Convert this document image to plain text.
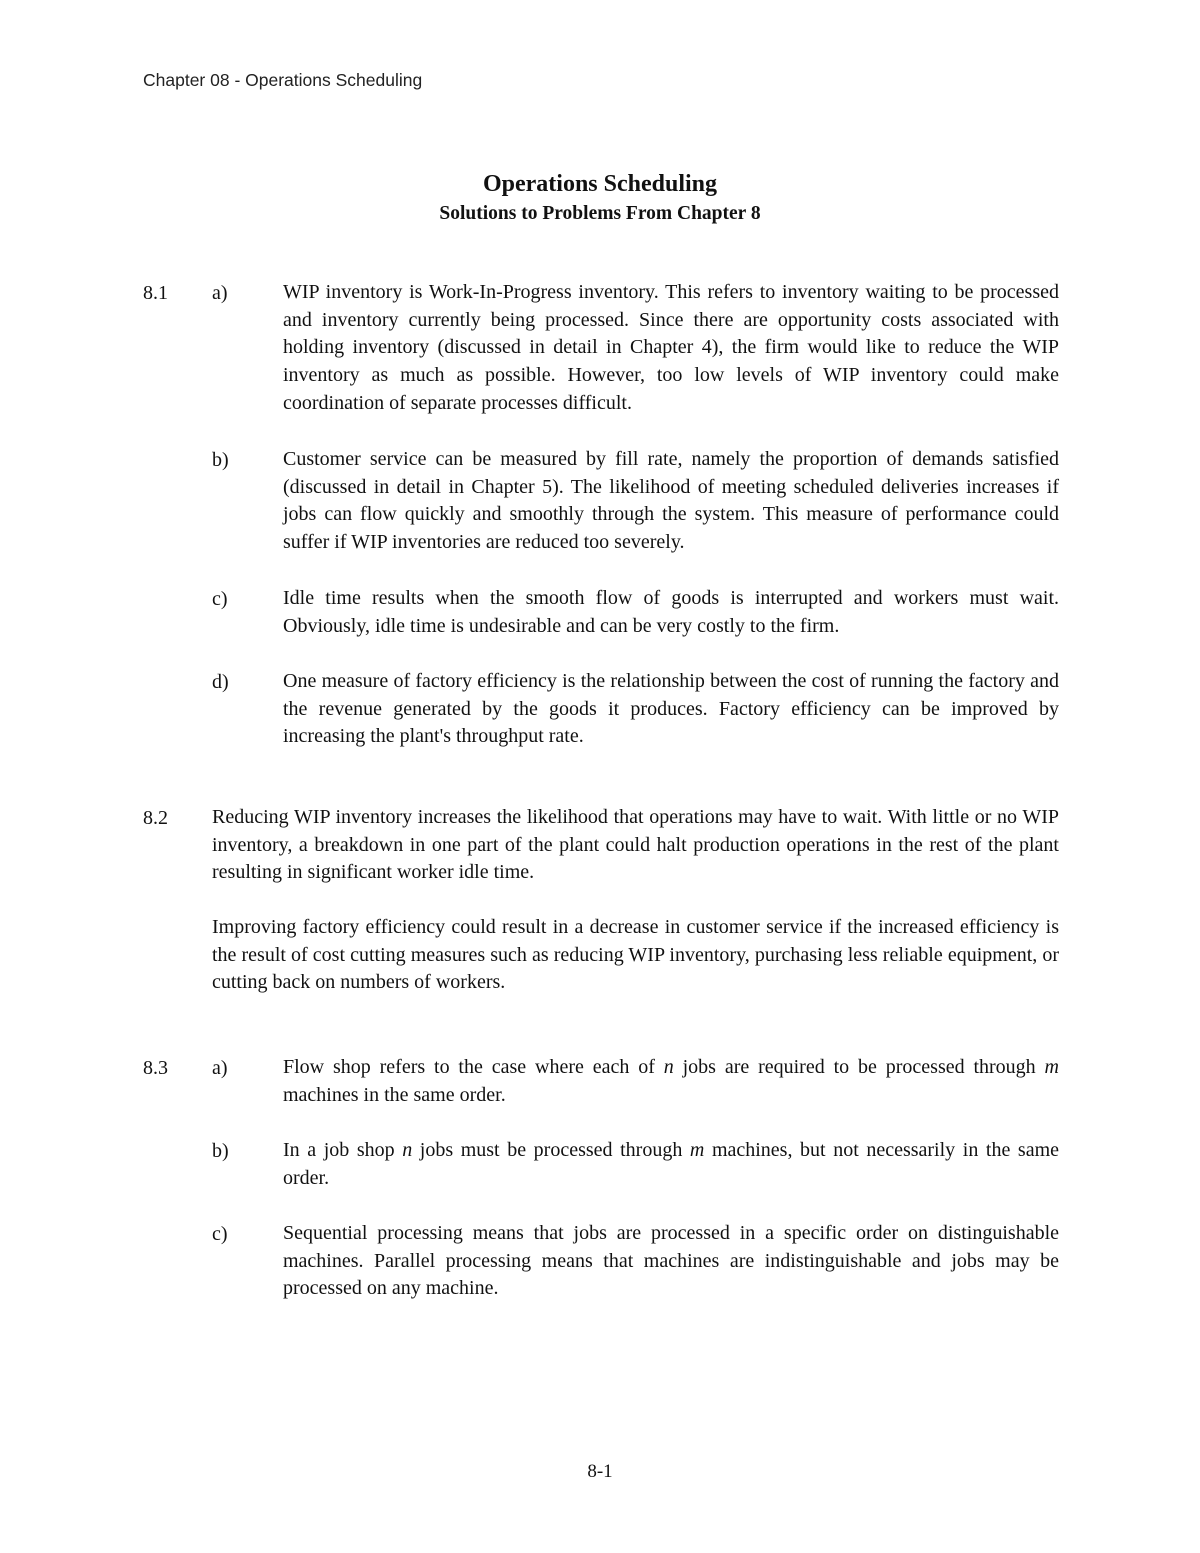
Chapter 08 - Operations Scheduling
Operations Scheduling
Solutions to Problems From Chapter 8
8.1 a)	WIP inventory is Work-In-Progress inventory. This refers to inventory waiting to be processed and inventory currently being processed. Since there are opportunity costs associated with holding inventory (discussed in detail in Chapter 4), the firm would like to reduce the WIP inventory as much as possible. However, too low levels of WIP inventory could make coordination of separate processes difficult.

b)	Customer service can be measured by fill rate, namely the proportion of demands satisfied (discussed in detail in Chapter 5). The likelihood of meeting scheduled deliveries increases if jobs can flow quickly and smoothly through the system. This measure of performance could suffer if WIP inventories are reduced too severely.

c)	Idle time results when the smooth flow of goods is interrupted and workers must wait. Obviously, idle time is undesirable and can be very costly to the firm.

d)	One measure of factory efficiency is the relationship between the cost of running the factory and the revenue generated by the goods it produces. Factory efficiency can be improved by increasing the plant's throughput rate.

8.2 Reducing WIP inventory increases the likelihood that operations may have to wait. With little or no WIP inventory, a breakdown in one part of the plant could halt production operations in the rest of the plant resulting in significant worker idle time.

Improving factory efficiency could result in a decrease in customer service if the increased efficiency is the result of cost cutting measures such as reducing WIP inventory, purchasing less reliable equipment, or cutting back on numbers of workers.

8.3 a)	Flow shop refers to the case where each of n jobs are required to be processed through m machines in the same order.

b)	In a job shop n jobs must be processed through m machines, but not necessarily in the same order.

c)	Sequential processing means that jobs are processed in a specific order on distinguishable machines. Parallel processing means that machines are indistinguishable and jobs may be processed on any machine.

8-1
